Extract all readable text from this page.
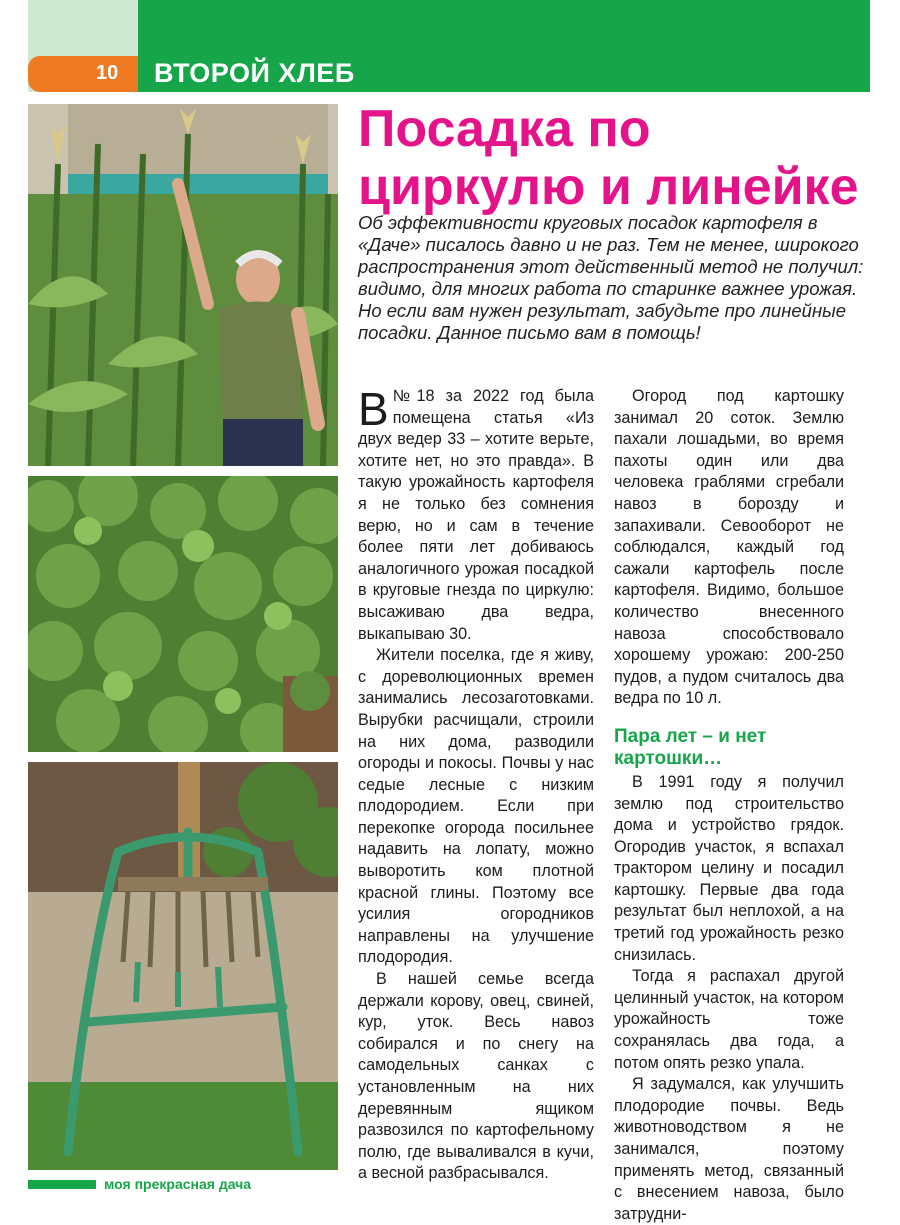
10 ВТОРОЙ ХЛЕБ
Посадка по циркулю и линейке
Об эффективности круговых посадок картофеля в «Даче» писалось давно и не раз. Тем не менее, широкого распространения этот действенный метод не получил: видимо, для многих работа по старинке важнее урожая. Но если вам нужен результат, забудьте про линейные посадки. Данное письмо вам в помощь!

В №18 за 2022 год была помещена статья «Из двух ведер 33 – хотите верьте, хотите нет, но это правда». В такую урожайность картофеля я не только без сомнения верю, но и сам в течение более пяти лет добиваюсь аналогичного урожая посадкой в круговые гнезда по циркулю: высаживаю два ведра, выкапываю 30.

Жители поселка, где я живу, с дореволюционных времен занимались лесозаготовками. Вырубки расчищали, строили на них дома, разводили огороды и покосы. Почвы у нас седые лесные с низким плодородием. Если при перекопке огорода посильнее надавить на лопату, можно выворотить ком плотной красной глины. Поэтому все усилия огородников направлены на улучшение плодородия.

В нашей семье всегда держали корову, овец, свиней, кур, уток. Весь навоз собирался и по снегу на самодельных санках с установленным на них деревянным ящиком развозился по картофельному полю, где вываливался в кучи, а весной разбрасывался.

Огород под картошку занимал 20 соток. Землю пахали лошадьми, во время пахоты один или два человека граблями сгребали навоз в борозду и запахивали. Севооборот не соблюдался, каждый год сажали картофель после картофеля. Видимо, большое количество внесенного навоза способствовало хорошему урожаю: 200-250 пудов, а пудом считалось два ведра по 10 л.

Пара лет – и нет картошки…

В 1991 году я получил землю под строительство дома и устройство грядок. Огородив участок, я вспахал трактором целину и посадил картошку. Первые два года результат был неплохой, а на третий год урожайность резко снизилась.

Тогда я распахал другой целинный участок, на котором урожайность тоже сохранялась два года, а потом опять резко упала.

Я задумался, как улучшить плодородие почвы. Ведь животноводством я не занимался, поэтому применять метод, связанный с внесением навоза, было затрудни-

моя прекрасная дача
